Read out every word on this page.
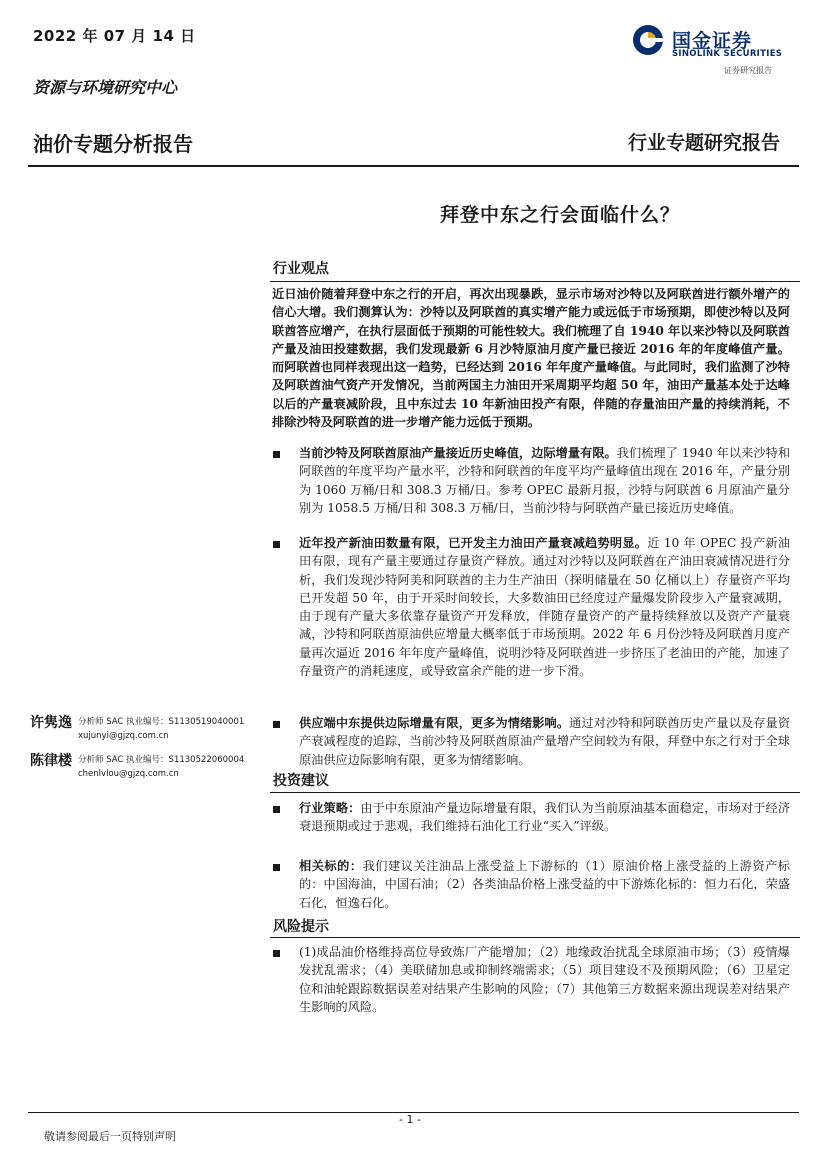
2022 年 07 月 14 日
资源与环境研究中心
油价专题分析报告	行业专题研究报告
国金证券
SINOLINK SECURITIES
证券研究报告
拜登中东之行会面临什么？
行业观点
近日油价随着拜登中东之行的开启，再次出现暴跌，显示市场对沙特以及阿联酋进行额外增产的信心大增。我们测算认为：沙特以及阿联酋的真实增产能力或远低于市场预期，即使沙特以及阿联酋答应增产，在执行层面低于预期的可能性较大。我们梳理了自 1940 年以来沙特以及阿联酋产量及油田投建数据，我们发现最新 6 月沙特原油月度产量已接近 2016 年的年度峰值产量。而阿联酋也同样表现出这一趋势，已经达到 2016 年年度产量峰值。与此同时，我们监测了沙特及阿联酋油气资产开发情况，当前两国主力油田开采周期平均超 50 年，油田产量基本处于达峰以后的产量衰减阶段，且中东过去 10 年新油田投产有限，伴随的存量油田产量的持续消耗，不排除沙特及阿联酋的进一步增产能力远低于预期。
当前沙特及阿联酋原油产量接近历史峰值，边际增量有限。我们梳理了 1940 年以来沙特和阿联酋的年度平均产量水平，沙特和阿联酋的年度平均产量峰值出现在 2016 年，产量分别为 1060 万桶/日和 308.3 万桶/日。参考 OPEC 最新月报，沙特与阿联酋 6 月原油产量分别为 1058.5 万桶/日和 308.3 万桶/日，当前沙特与阿联酋产量已接近历史峰值。
近年投产新油田数量有限，已开发主力油田产量衰减趋势明显。近 10 年 OPEC 投产新油田有限，现有产量主要通过存量资产释放。通过对沙特以及阿联酋在产油田衰减情况进行分析，我们发现沙特阿美和阿联酋的主力生产油田（探明储量在 50 亿桶以上）存量资产平均已开发超 50 年，由于开采时间较长，大多数油田已经度过产量爆发阶段步入产量衰减期，由于现有产量大多依靠存量资产开发释放，伴随存量资产的产量持续释放以及资产产量衰减，沙特和阿联酋原油供应增量大概率低于市场预期。2022 年 6 月份沙特及阿联酋月度产量再次逼近 2016 年年度产量峰值，说明沙特及阿联酋进一步挤压了老油田的产能，加速了存量资产的消耗速度，或导致富余产能的进一步下滑。
供应端中东提供边际增量有限，更多为情绪影响。通过对沙特和阿联酋历史产量以及存量资产衰减程度的追踪，当前沙特及阿联酋原油产量增产空间较为有限，拜登中东之行对于全球原油供应边际影响有限，更多为情绪影响。
许隽逸 分析师 SAC 执业编号：S1130519040001
xujunyi@gjzq.com.cn
陈律楼 分析师 SAC 执业编号：S1130522060004
chenlvlou@gjzq.com.cn	投资建议
行业策略：由于中东原油产量边际增量有限，我们认为当前原油基本面稳定，市场对于经济衰退预期或过于悲观，我们维持石油化工行业“买入”评级。
相关标的：我们建议关注油品上涨受益上下游标的（1）原油价格上涨受益的上游资产标的：中国海油，中国石油；（2）各类油品价格上涨受益的中下游炼化标的：恒力石化，荣盛石化，恒逸石化。
风险提示
(1)成品油价格维持高位导致炼厂产能增加；（2）地缘政治扰乱全球原油市场；（3）疫情爆发扰乱需求；（4）美联储加息或抑制终端需求；（5）项目建设不及预期风险；（6）卫星定位和油轮跟踪数据误差对结果产生影响的风险；（7）其他第三方数据来源出现误差对结果产生影响的风险。
- 1 -
敬请参阅最后一页特别声明
